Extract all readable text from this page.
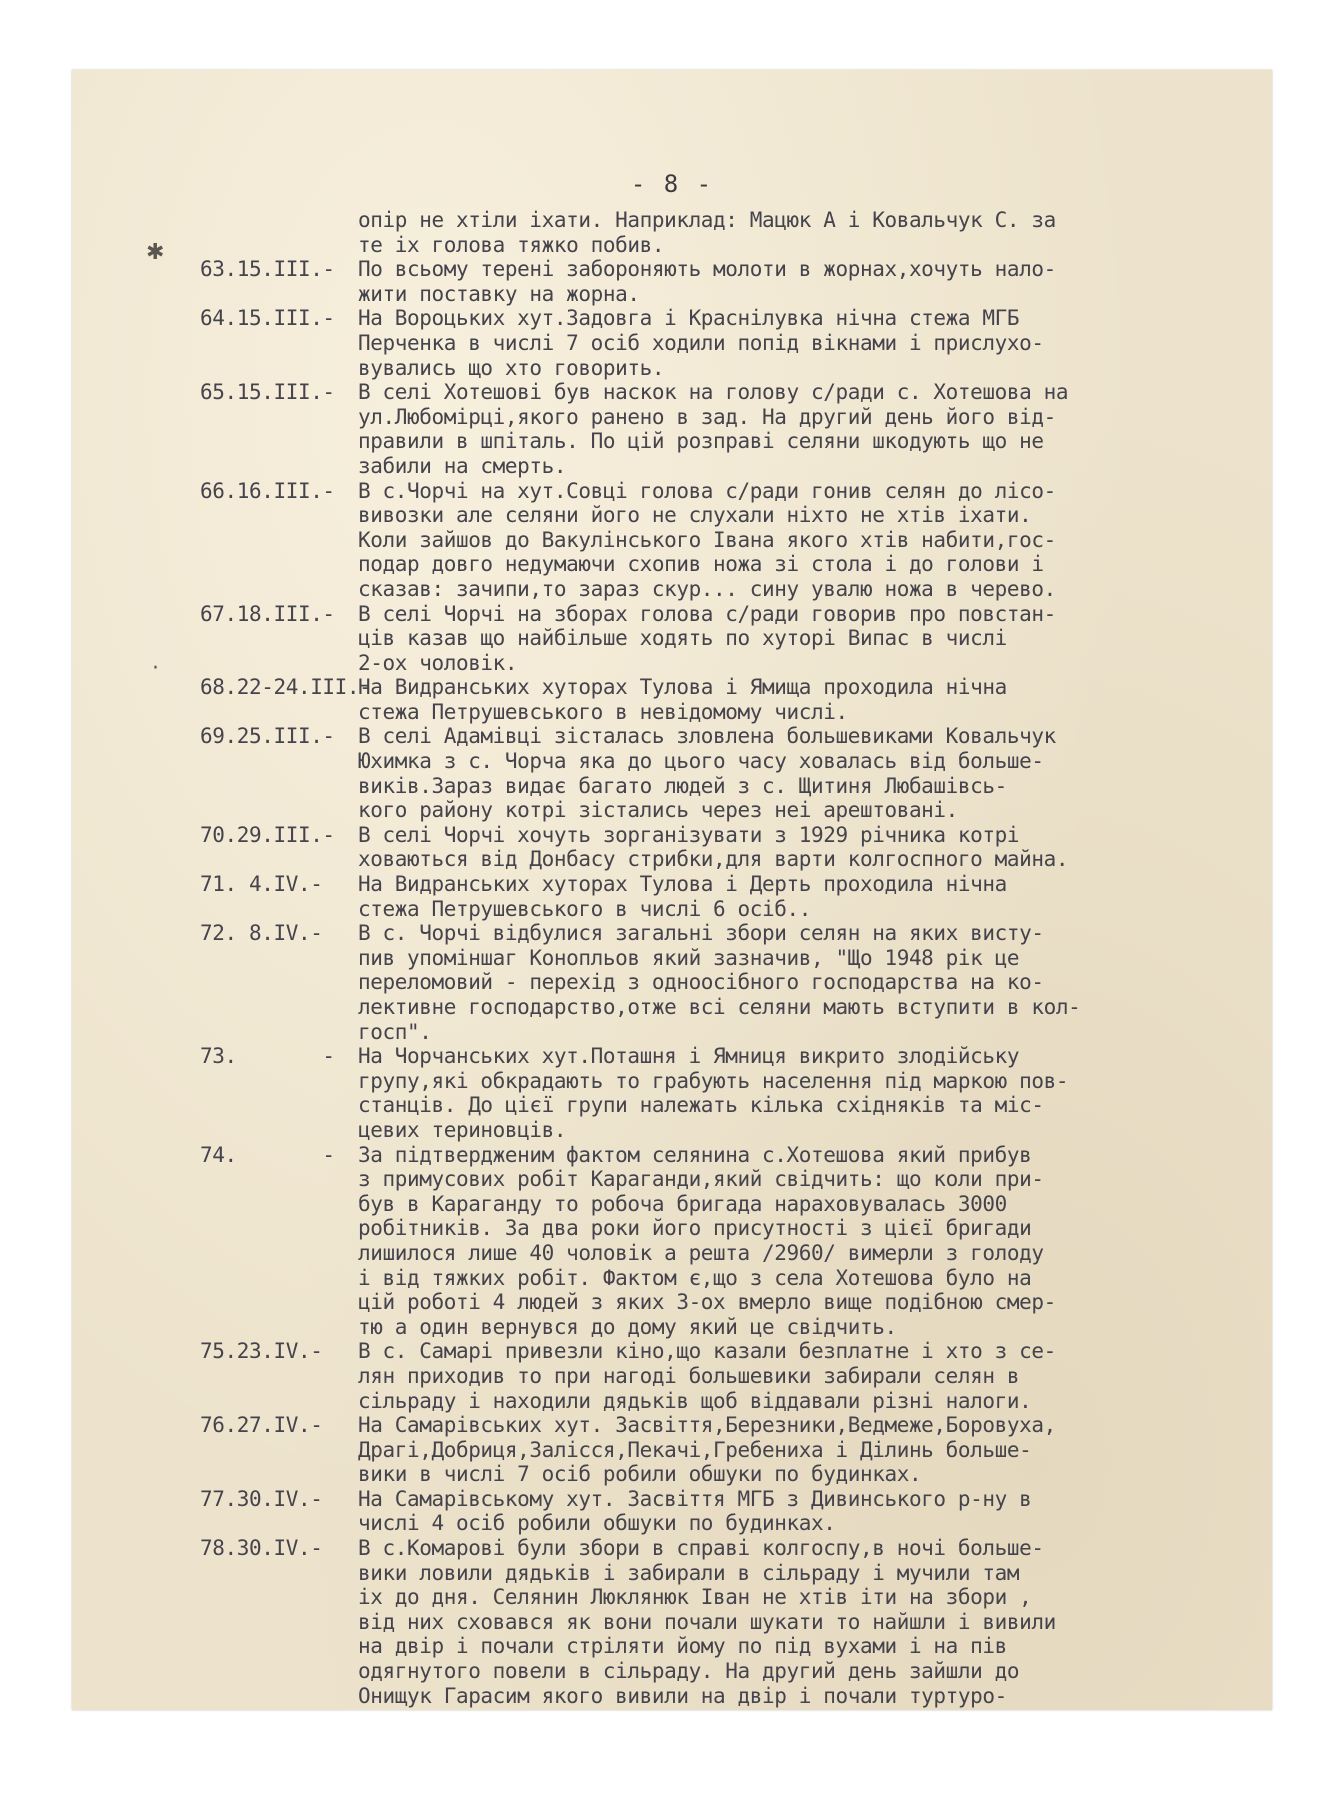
✱
·
- 8 -
опір не хтіли іхати. Наприклад: Мацюк А і Ковальчук С. за
те іх голова тяжко побив.
63.15.III.- По всьому терені забороняють молоти в жорнах,хочуть нало-
жити поставку на жорна.
64.15.III.- На Вороцьких хут.Задовга і Краснілувка нічна стежа МГБ
Перченка в числі 7 осіб ходили попід вікнами і прислухо-
вувались що хто говорить.
65.15.III.- В селі Хотешові був наскок на голову с/ради с. Хотешова на
ул.Любомірці,якого ранено в зад. На другий день його від-
правили в шпіталь. По цій розправі селяни шкодують що не
забили на смерть.
66.16.III.- В с.Чорчі на хут.Совці голова с/ради гонив селян до лісо-
вивозки але селяни його не слухали ніхто не хтів іхати.
Коли зайшов до Вакулінського Івана якого хтів набити,гос-
подар довго недумаючи схопив ножа зі стола і до голови і
сказав: зачипи,то зараз скур... сину увалю ножа в черево.
67.18.III.- В селі Чорчі на зборах голова с/ради говорив про повстан-
ців казав що найбільше ходять по хуторі Випас в числі
2-ох чоловік.
68.22-24.III.-
На Видранських хуторах Тулова і Ямища проходила нічна
стежа Петрушевського в невідомому числі.
69.25.III.- В селі Адамівці зісталась зловлена большевиками Ковальчук
Юхимка з с. Чорча яка до цього часу ховалась від больше-
виків.Зараз видає багато людей з с. Щитиня Любашівсь-
кого району котрі зістались через неі арештовані.
70.29.III.- В селі Чорчі хочуть зорганізувати з 1929 річника котрі
ховаються від Донбасу стрибки,для варти колгоспного майна.
71. 4.IV.- На Видранських хуторах Тулова і Дерть проходила нічна
стежа Петрушевського в числі 6 осіб..
72. 8.IV.- В с. Чорчі відбулися загальні збори селян на яких висту-
пив упоміншаг Конопльов який зазначив, "Що 1948 рік це
переломовий - перехід з одноосібного господарства на ко-
лективне господарство,отже всі селяни мають вступити в кол-
госп".
73.       - На Чорчанських хут.Поташня і Ямниця викрито злодійську
групу,які обкрадають то грабують населення під маркою пов-
станців. До цієї групи належать кілька східняків та міс-
цевих териновців.
74.       - За підтвердженим фактом селянина с.Хотешова який прибув
з примусових робіт Караганди,який свідчить: що коли при-
був в Караганду то робоча бригада нараховувалась 3000
робітників. За два роки його присутності з цієї бригади
лишилося лише 40 чоловік а решта /2960/ вимерли з голоду
і від тяжких робіт. Фактом є,що з села Хотешова було на
цій роботі 4 людей з яких 3-ох вмерло вище подібною смер-
тю а один вернувся до дому який це свідчить.
75.23.IV.- В с. Самарі привезли кіно,що казали безплатне і хто з се-
лян приходив то при нагоді большевики забирали селян в
сільраду і находили дядьків щоб віддавали різні налоги.
76.27.IV.- На Самарівських хут. Засвіття,Березники,Ведмеже,Боровуха,
Драгі,Добриця,Залісся,Пекачі,Гребениха і Ділинь больше-
вики в числі 7 осіб робили обшуки по будинках.
77.30.IV.- На Самарівському хут. Засвіття МГБ з Дивинського р-ну в
числі 4 осіб робили обшуки по будинках.
78.30.IV.- В с.Комарові були збори в справі колгоспу,в ночі больше-
вики ловили дядьків і забирали в сільраду і мучили там
іх до дня. Селянин Люклянюк Іван не хтів іти на збори ,
від них сховався як вони почали шукати то найшли і вивили
на двір і почали стріляти йому по під вухами і на пів
одягнутого повели в сільраду. На другий день зайшли до
Онищук Гарасим якого вивили на двір і почали туртуро-
